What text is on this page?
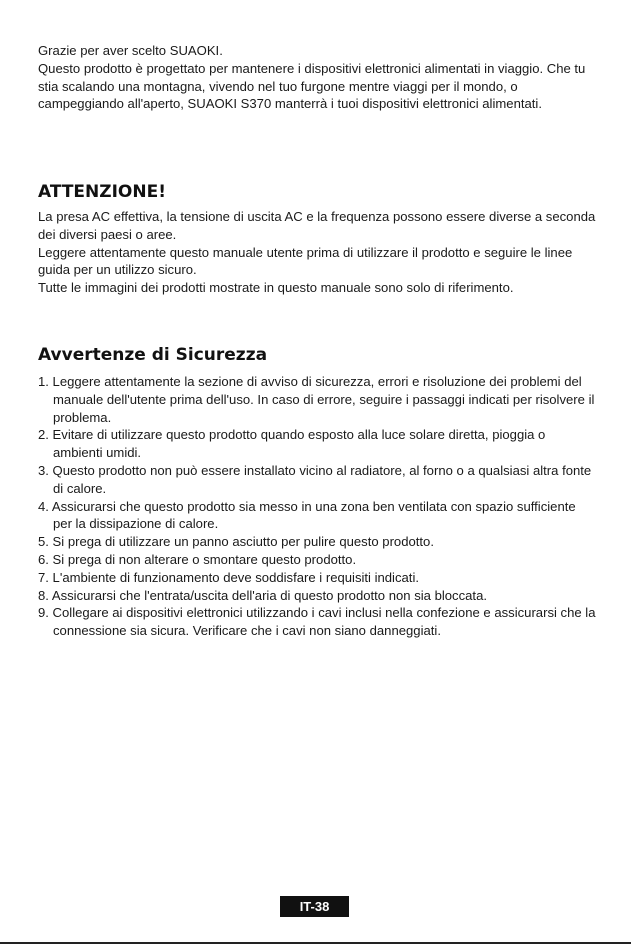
Grazie per aver scelto SUAOKI.

Questo prodotto è progettato per mantenere i dispositivi elettronici alimentati in viaggio. Che tu stia scalando una montagna, vivendo nel tuo furgone mentre viaggi per il mondo, o campeggiando all'aperto, SUAOKI S370 manterrà i tuoi dispositivi elettronici alimentati.

ATTENZIONE!

La presa AC effettiva, la tensione di uscita AC e la frequenza possono essere diverse a seconda dei diversi paesi o aree.

Leggere attentamente questo manuale utente prima di utilizzare il prodotto e seguire le linee guida per un utilizzo sicuro.

Tutte le immagini dei prodotti mostrate in questo manuale sono solo di riferimento.

Avvertenze di Sicurezza
1. Leggere attentamente la sezione di avviso di sicurezza, errori e risoluzione dei problemi del manuale dell'utente prima dell'uso. In caso di errore, seguire i passaggi indicati per risolvere il problema.
2. Evitare di utilizzare questo prodotto quando esposto alla luce solare diretta, pioggia o ambienti umidi.
3. Questo prodotto non può essere installato vicino al radiatore, al forno o a qualsiasi altra fonte di calore.
4. Assicurarsi che questo prodotto sia messo in una zona ben ventilata con spazio sufficiente per la dissipazione di calore.
5. Si prega di utilizzare un panno asciutto per pulire questo prodotto.
6. Si prega di non alterare o smontare questo prodotto.
7. L'ambiente di funzionamento deve soddisfare i requisiti indicati.
8. Assicurarsi che l'entrata/uscita dell'aria di questo prodotto non sia bloccata.
9. Collegare ai dispositivi elettronici utilizzando i cavi inclusi nella confezione e assicurarsi che la connessione sia sicura. Verificare che i cavi non siano danneggiati.
IT-38
